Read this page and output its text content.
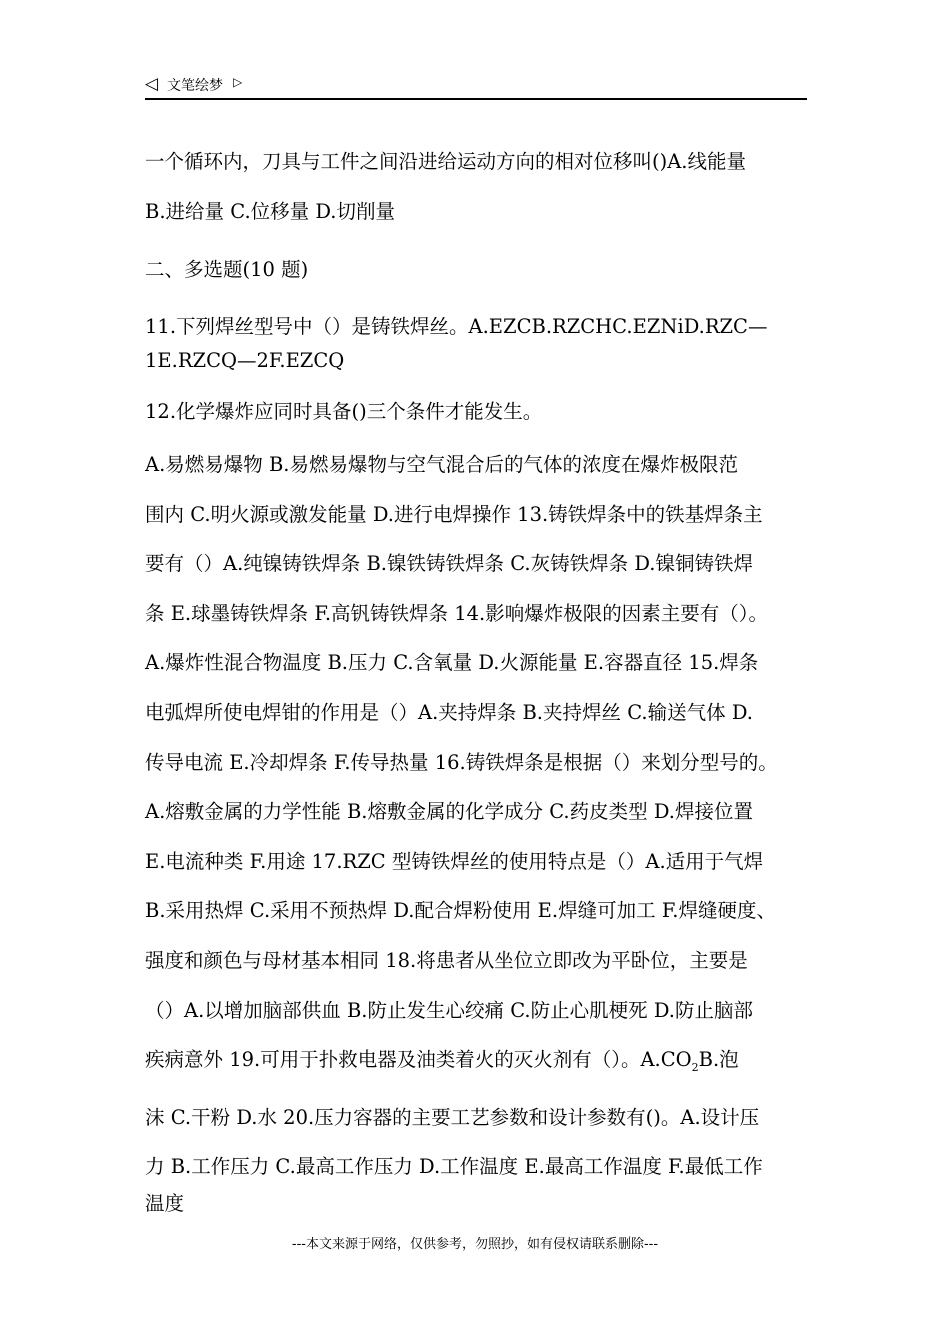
◁ 文笔绘梦 ▷
一个循环内，刀具与工件之间沿进给运动方向的相对位移叫()A.线能量
B.进给量 C.位移量 D.切削量
二、多选题(10 题)
11.下列焊丝型号中（）是铸铁焊丝。A.EZCB.RZCHC.EZNiD.RZC—
1E.RZCQ—2F.EZCQ
12.化学爆炸应同时具备()三个条件才能发生。
A.易燃易爆物 B.易燃易爆物与空气混合后的气体的浓度在爆炸极限范
围内 C.明火源或激发能量 D.进行电焊操作 13.铸铁焊条中的铁基焊条主
要有（）A.纯镍铸铁焊条 B.镍铁铸铁焊条 C.灰铸铁焊条 D.镍铜铸铁焊
条 E.球墨铸铁焊条 F.高钒铸铁焊条 14.影响爆炸极限的因素主要有（）。
A.爆炸性混合物温度 B.压力 C.含氧量 D.火源能量 E.容器直径 15.焊条
电弧焊所使电焊钳的作用是（）A.夹持焊条 B.夹持焊丝 C.输送气体 D.
传导电流 E.冷却焊条 F.传导热量 16.铸铁焊条是根据（）来划分型号的。
A.熔敷金属的力学性能 B.熔敷金属的化学成分 C.药皮类型 D.焊接位置
E.电流种类 F.用途 17.RZC 型铸铁焊丝的使用特点是（）A.适用于气焊
B.采用热焊 C.采用不预热焊 D.配合焊粉使用 E.焊缝可加工 F.焊缝硬度、
强度和颜色与母材基本相同 18.将患者从坐位立即改为平卧位，主要是
（）A.以增加脑部供血 B.防止发生心绞痛 C.防止心肌梗死 D.防止脑部
疾病意外 19.可用于扑救电器及油类着火的灭火剂有（）。$A.CO_2B$.泡
沫 C.干粉 D.水 20.压力容器的主要工艺参数和设计参数有()。A.设计压
力 B.工作压力 C.最高工作压力 D.工作温度 E.最高工作温度 F.最低工作
温度
---本文来源于网络，仅供参考，勿照抄，如有侵权请联系删除---
